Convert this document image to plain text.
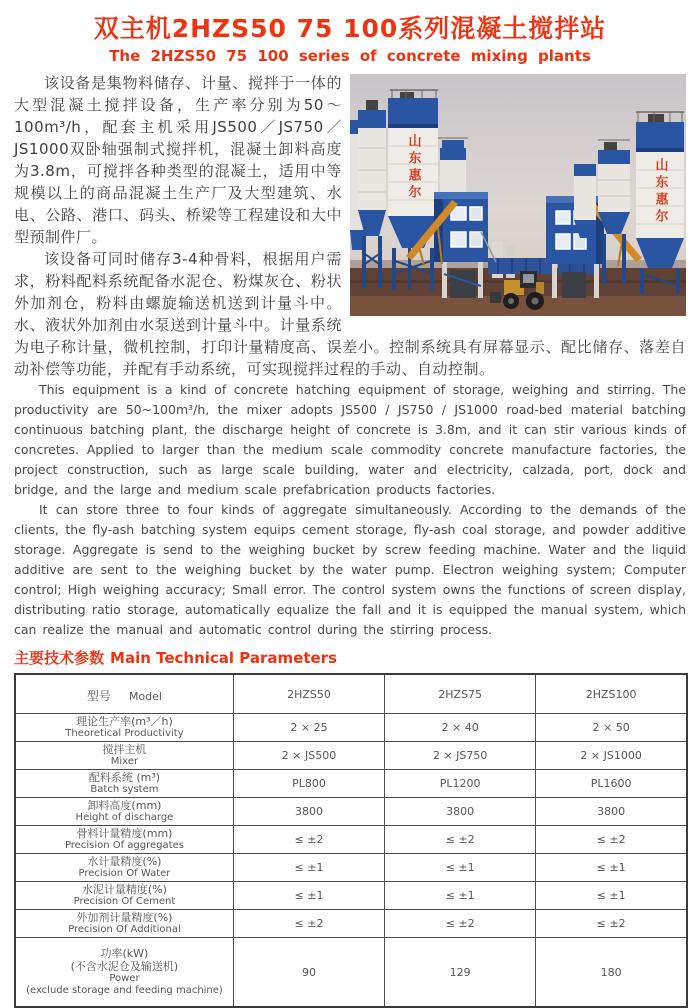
双主机2HZS50 75 100系列混凝土搅拌站
The 2HZS50 75 100 series of concrete mixing plants
山东惠尔	山东惠尔

该设备是集物料储存、计量、搅拌于一体的大型混凝土搅拌设备，生产率分别为50～100m³/h，配套主机采用JS500／JS750／JS1000双卧轴强制式搅拌机，混凝土卸料高度为3.8m，可搅拌各种类型的混凝土，适用中等规模以上的商品混凝土生产厂及大型建筑、水电、公路、港口、码头、桥梁等工程建设和大中型预制件厂。

该设备可同时储存3-4种骨料，根据用户需求，粉料配料系统配备水泥仓、粉煤灰仓、粉状外加剂仓，粉料由螺旋输送机送到计量斗中。水、液状外加剂由水泵送到计量斗中。计量系统为电子称计量，微机控制，打印计量精度高、误差小。控制系统具有屏幕显示、配比储存、落差自动补偿等功能，并配有手动系统，可实现搅拌过程的手动、自动控制。

This equipment is a kind of concrete hatching equipment of storage, weighing and stirring. The productivity are 50~100m³/h, the mixer adopts JS500 / JS750 / JS1000 road-bed material batching continuous batching plant, the discharge height of concrete is 3.8m, and it can stir various kinds of concretes. Applied to larger than the medium scale commodity concrete manufacture factories, the project construction, such as large scale building, water and electricity, calzada, port, dock and bridge, and the large and medium scale prefabrication products factories.

It can store three to four kinds of aggregate simultaneously. According to the demands of the clients, the fly-ash batching system equips cement storage, fly-ash coal storage, and powder additive storage. Aggregate is send to the weighing bucket by screw feeding machine. Water and the liquid additive are sent to the weighing bucket by the water pump. Electron weighing system; Computer control; High weighing accuracy; Small error. The control system owns the functions of screen display, distributing ratio storage, automatically equalize the fall and it is equipped the manual system, which can realize the manual and automatic control during the stirring process.

主要技术参数 Main Technical Parameters
型号 Model	2HZS50	2HZS75	2HZS100

理论生产率(m³／h)
Theoretical Productivity	2 × 25	2 × 40	2 × 50

搅拌主机
Mixer	2 × JS500	2 × JS750	2 × JS1000

配料系统 (m³)
Batch system	PL800	PL1200	PL1600

卸料高度(mm)
Height of discharge	3800	3800	3800

骨料计量精度(mm)
Precision Of aggregates	≤ ±2	≤ ±2	≤ ±2

水计量精度(%)
Precision Of Water	≤ ±1	≤ ±1	≤ ±1

水泥计量精度(%)
Precision Of Cement	≤ ±1	≤ ±1	≤ ±1

外加剂计量精度(%)
Precision Of Additional	≤ ±2	≤ ±2	≤ ±2

功率(kW)
(不含水泥仓及输送机)
Power
(exclude storage and feeding machine)	90	129	180
